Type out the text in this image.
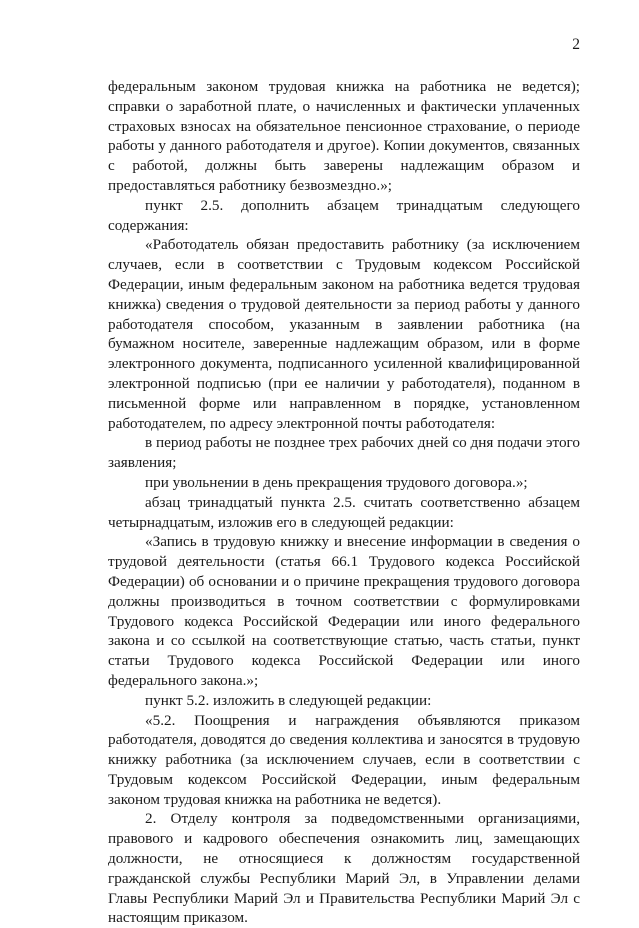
2

федеральным законом трудовая книжка на работника не ведется); справки о заработной плате, о начисленных и фактически уплаченных страховых взносах на обязательное пенсионное страхование, о периоде работы у данного работодателя и другое). Копии документов, связанных с работой, должны быть заверены надлежащим образом и предоставляться работнику безвозмездно.»;

пункт 2.5. дополнить абзацем тринадцатым следующего содержания:

«Работодатель обязан предоставить работнику (за исключением случаев, если в соответствии с Трудовым кодексом Российской Федерации, иным федеральным законом на работника ведется трудовая книжка) сведения о трудовой деятельности за период работы у данного работодателя способом, указанным в заявлении работника (на бумажном носителе, заверенные надлежащим образом, или в форме электронного документа, подписанного усиленной квалифицированной электронной подписью (при ее наличии у работодателя), поданном в письменной форме или направленном в порядке, установленном работодателем, по адресу электронной почты работодателя:

в период работы не позднее трех рабочих дней со дня подачи этого заявления;

при увольнении в день прекращения трудового договора.»;

абзац тринадцатый пункта 2.5. считать соответственно абзацем четырнадцатым, изложив его в следующей редакции:

«Запись в трудовую книжку и внесение информации в сведения о трудовой деятельности (статья 66.1 Трудового кодекса Российской Федерации) об основании и о причине прекращения трудового договора должны производиться в точном соответствии с формулировками Трудового кодекса Российской Федерации или иного федерального закона и со ссылкой на соответствующие статью, часть статьи, пункт статьи Трудового кодекса Российской Федерации или иного федерального закона.»;

пункт 5.2. изложить в следующей редакции:

«5.2. Поощрения и награждения объявляются приказом работодателя, доводятся до сведения коллектива и заносятся в трудовую книжку работника (за исключением случаев, если в соответствии с Трудовым кодексом Российской Федерации, иным федеральным законом трудовая книжка на работника не ведется).

2. Отделу контроля за подведомственными организациями, правового и кадрового обеспечения ознакомить лиц, замещающих должности, не относящиеся к должностям государственной гражданской службы Республики Марий Эл, в Управлении делами Главы Республики Марий Эл и Правительства Республики Марий Эл с настоящим приказом.
